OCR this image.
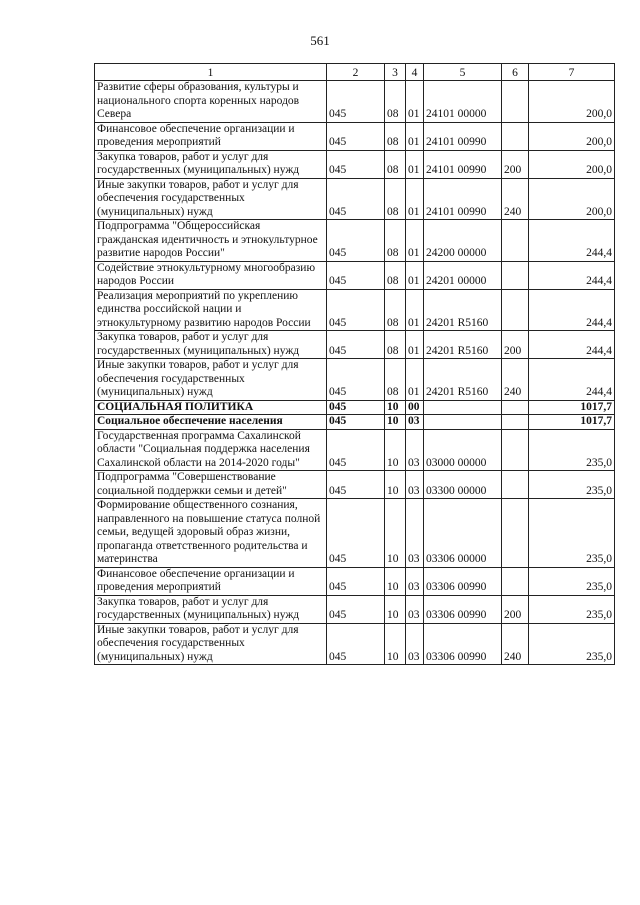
561
1	2	3	4	5	6	7
Развитие сферы образования, культуры и национального спорта коренных народов Севера	045	08	01	24101 00000		200,0
Финансовое обеспечение организации и проведения мероприятий	045	08	01	24101 00990		200,0
Закупка товаров, работ и услуг для государственных (муниципальных) нужд	045	08	01	24101 00990	200	200,0
Иные закупки товаров, работ и услуг для обеспечения государственных (муниципальных) нужд	045	08	01	24101 00990	240	200,0
Подпрограмма "Общероссийская гражданская идентичность и этнокультурное развитие народов России"	045	08	01	24200 00000		244,4
Содействие этнокультурному многообразию народов России	045	08	01	24201 00000		244,4
Реализация мероприятий по укреплению единства российской нации и этнокультурному развитию народов России	045	08	01	24201 R5160		244,4
Закупка товаров, работ и услуг для государственных (муниципальных) нужд	045	08	01	24201 R5160	200	244,4
Иные закупки товаров, работ и услуг для обеспечения государственных (муниципальных) нужд	045	08	01	24201 R5160	240	244,4
СОЦИАЛЬНАЯ ПОЛИТИКА	045	10	00			1017,7
Социальное обеспечение населения	045	10	03			1017,7
Государственная программа Сахалинской области "Социальная поддержка населения Сахалинской области на 2014-2020 годы"	045	10	03	03000 00000		235,0
Подпрограмма "Совершенствование социальной поддержки семьи и детей"	045	10	03	03300 00000		235,0
Формирование общественного сознания, направленного на повышение статуса полной семьи, ведущей здоровый образ жизни, пропаганда ответственного родительства и материнства	045	10	03	03306 00000		235,0
Финансовое обеспечение организации и проведения мероприятий	045	10	03	03306 00990		235,0
Закупка товаров, работ и услуг для государственных (муниципальных) нужд	045	10	03	03306 00990	200	235,0
Иные закупки товаров, работ и услуг для обеспечения государственных (муниципальных) нужд	045	10	03	03306 00990	240	235,0
